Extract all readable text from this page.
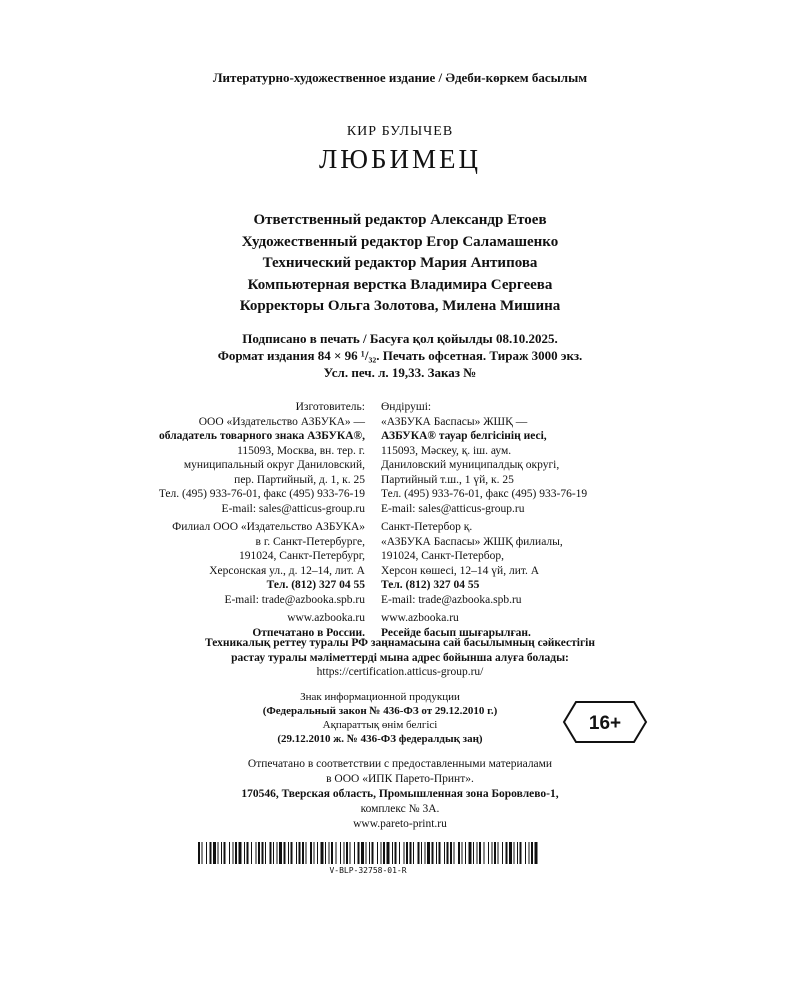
Литературно-художественное издание / Әдеби-көркем басылым
КИР БУЛЫЧЕВ
ЛЮБИМЕЦ
Ответственный редактор Александр Етоев
Художественный редактор Егор Саламашенко
Технический редактор Мария Антипова
Компьютерная верстка Владимира Сергеева
Корректоры Ольга Золотова, Милена Мишина
Подписано в печать / Басуға қол қойылды 08.10.2025.
Формат издания 84 × 96 ¹/₃₂. Печать офсетная. Тираж 3000 экз.
Усл. печ. л. 19,33. Заказ №
Изготовитель:
ООО «Издательство АЗБУКА» —
обладатель товарного знака АЗБУКА®,
115093, Москва, вн. тер. г.
муниципальный округ Даниловский,
пер. Партийный, д. 1, к. 25
Тел. (495) 933-76-01, факс (495) 933-76-19
E-mail: sales@atticus-group.ru
Өндіруші:
«АЗБУКА Баспасы» ЖШҚ —
АЗБУКА® тауар белгісінің иесі,
115093, Мәскеу, қ. іш. аум.
Даниловский муниципалдық округі,
Партийный т.ш., 1 үй, к. 25
Тел. (495) 933-76-01, факс (495) 933-76-19
E-mail: sales@atticus-group.ru
Филиал ООО «Издательство АЗБУКА»
в г. Санкт-Петербурге,
191024, Санкт-Петербург,
Херсонская ул., д. 12–14, лит. А
Тел. (812) 327 04 55
E-mail: trade@azbooka.spb.ru
Санкт-Петербор қ.
«АЗБУКА Баспасы» ЖШҚ филиалы,
191024, Санкт-Петербор,
Херсон көшесі, 12–14 үй, лит. А
Тел. (812) 327 04 55
E-mail: trade@azbooka.spb.ru
www.azbooka.ru
Отпечатано в России.
www.azbooka.ru
Ресейде басып шығарылған.
Техникалық реттеу туралы РФ заңнамасына сай басылымның сәйкестігін
растау туралы мәліметтерді мына адрес бойынша алуға болады:
https://certification.atticus-group.ru/
Знак информационной продукции
(Федеральный закон № 436-ФЗ от 29.12.2010 г.)
Ақпараттық өнім белгісі
(29.12.2010 ж. № 436-ФЗ федералдық заң)
16+
Отпечатано в соответствии с предоставленными материалами
в ООО «ИПК Парето-Принт».
170546, Тверская область, Промышленная зона Боровлево-1,
комплекс № 3А.
www.pareto-print.ru
V-BLP-32758-01-R
